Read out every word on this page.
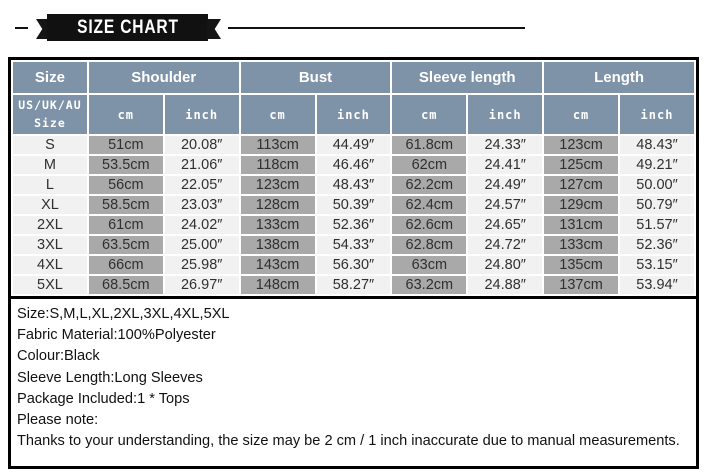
SIZE CHART
Size	Shoulder		Bust		Sleeve length		Length	
US/UK/AU Size	cm	inch	cm	inch	cm	inch	cm	inch
S	51cm	20.08″	113cm	44.49″	61.8cm	24.33″	123cm	48.43″
M	53.5cm	21.06″	118cm	46.46″	62cm	24.41″	125cm	49.21″
L	56cm	22.05″	123cm	48.43″	62.2cm	24.49″	127cm	50.00″
XL	58.5cm	23.03″	128cm	50.39″	62.4cm	24.57″	129cm	50.79″
2XL	61cm	24.02″	133cm	52.36″	62.6cm	24.65″	131cm	51.57″
3XL	63.5cm	25.00″	138cm	54.33″	62.8cm	24.72″	133cm	52.36″
4XL	66cm	25.98″	143cm	56.30″	63cm	24.80″	135cm	53.15″
5XL	68.5cm	26.97″	148cm	58.27″	63.2cm	24.88″	137cm	53.94″
Size:S,M,L,XL,2XL,3XL,4XL,5XL
Fabric Material:100%Polyester
Colour:Black
Sleeve Length:Long Sleeves
Package Included:1 * Tops
Please note:
Thanks to your understanding, the size may be 2 cm / 1 inch inaccurate due to manual measurements.
